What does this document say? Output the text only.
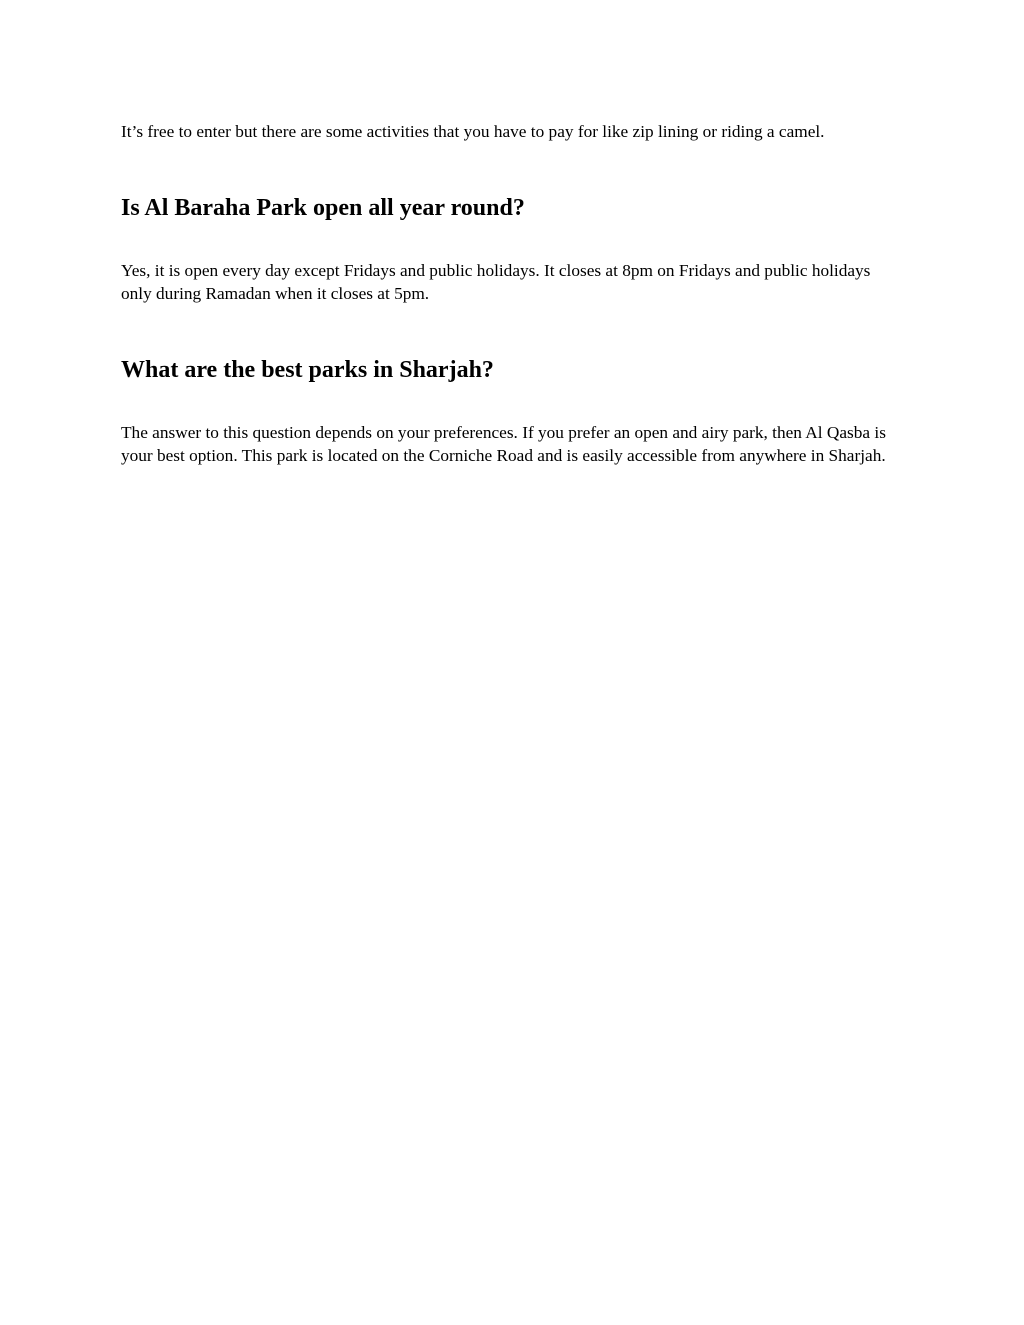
It’s free to enter but there are some activities that you have to pay for like zip lining or riding a camel.

Is Al Baraha Park open all year round?

Yes, it is open every day except Fridays and public holidays. It closes at 8pm on Fridays and public holidays only during Ramadan when it closes at 5pm.

What are the best parks in Sharjah?

The answer to this question depends on your preferences. If you prefer an open and airy park, then Al Qasba is your best option. This park is located on the Corniche Road and is easily accessible from anywhere in Sharjah.
